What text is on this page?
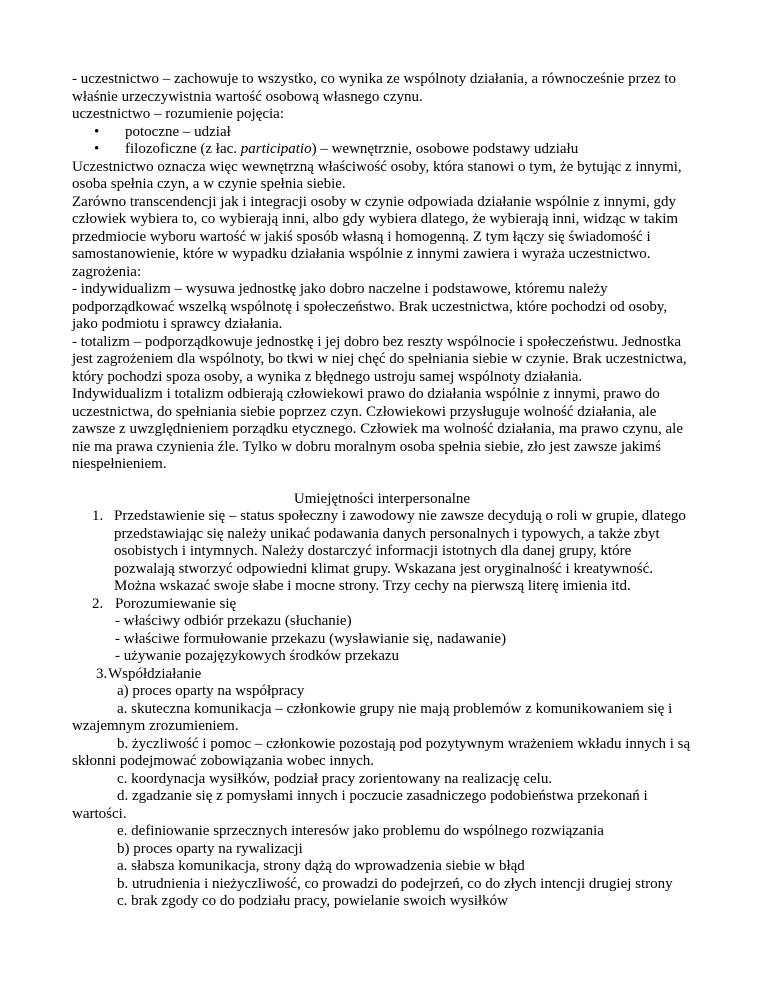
- uczestnictwo – zachowuje to wszystko, co wynika ze wspólnoty działania, a równocześnie przez to
właśnie urzeczywistnia wartość osobową własnego czynu.
uczestnictwo – rozumienie pojęcia:
• potoczne – udział
• filozoficzne (z łac. participatio) – wewnętrznie, osobowe podstawy udziału
Uczestnictwo oznacza więc wewnętrzną właściwość osoby, która stanowi o tym, że bytując z innymi,
osoba spełnia czyn, a w czynie spełnia siebie.
Zarówno transcendencji jak i integracji osoby w czynie odpowiada działanie wspólnie z innymi, gdy
człowiek wybiera to, co wybierają inni, albo gdy wybiera dlatego, że wybierają inni, widząc w takim
przedmiocie wyboru wartość w jakiś sposób własną i homogenną. Z tym łączy się świadomość i
samostanowienie, które w wypadku działania wspólnie z innymi zawiera i wyraża uczestnictwo.
zagrożenia:
- indywidualizm – wysuwa jednostkę jako dobro naczelne i podstawowe, któremu należy
podporządkować wszelką wspólnotę i społeczeństwo. Brak uczestnictwa, które pochodzi od osoby,
jako podmiotu i sprawcy działania.
- totalizm – podporządkowuje jednostkę i jej dobro bez reszty wspólnocie i społeczeństwu. Jednostka
jest zagrożeniem dla wspólnoty, bo tkwi w niej chęć do spełniania siebie w czynie. Brak uczestnictwa,
który pochodzi spoza osoby, a wynika z błędnego ustroju samej wspólnoty działania.
Indywidualizm i totalizm odbierają człowiekowi prawo do działania wspólnie z innymi, prawo do
uczestnictwa, do spełniania siebie poprzez czyn. Człowiekowi przysługuje wolność działania, ale
zawsze z uwzględnieniem porządku etycznego. Człowiek ma wolność działania, ma prawo czynu, ale
nie ma prawa czynienia źle. Tylko w dobru moralnym osoba spełnia siebie, zło jest zawsze jakimś
niespełnieniem.
Umiejętności interpersonalne
1. Przedstawienie się – status społeczny i zawodowy nie zawsze decydują o roli w grupie, dlatego
przedstawiając się należy unikać podawania danych personalnych i typowych, a także zbyt
osobistych i intymnych. Należy dostarczyć informacji istotnych dla danej grupy, które
pozwalają stworzyć odpowiedni klimat grupy. Wskazana jest oryginalność i kreatywność.
Można wskazać swoje słabe i mocne strony. Trzy cechy na pierwszą literę imienia itd.
2. Porozumiewanie się
- właściwy odbiór przekazu (słuchanie)
- właściwe formułowanie przekazu (wysławianie się, nadawanie)
- używanie pozajęzykowych środków przekazu
3. Współdziałanie
a) proces oparty na współpracy
a. skuteczna komunikacja – członkowie grupy nie mają problemów z komunikowaniem się i
wzajemnym zrozumieniem.
b. życzliwość i pomoc – członkowie pozostają pod pozytywnym wrażeniem wkładu innych i są
skłonni podejmować zobowiązania wobec innych.
c. koordynacja wysiłków, podział pracy zorientowany na realizację celu.
d. zgadzanie się z pomysłami innych i poczucie zasadniczego podobieństwa przekonań i
wartości.
e. definiowanie sprzecznych interesów jako problemu do wspólnego rozwiązania
b) proces oparty na rywalizacji
a. słabsza komunikacja, strony dążą do wprowadzenia siebie w błąd
b. utrudnienia i nieżyczliwość, co prowadzi do podejrzeń, co do złych intencji drugiej strony
c. brak zgody co do podziału pracy, powielanie swoich wysiłków
